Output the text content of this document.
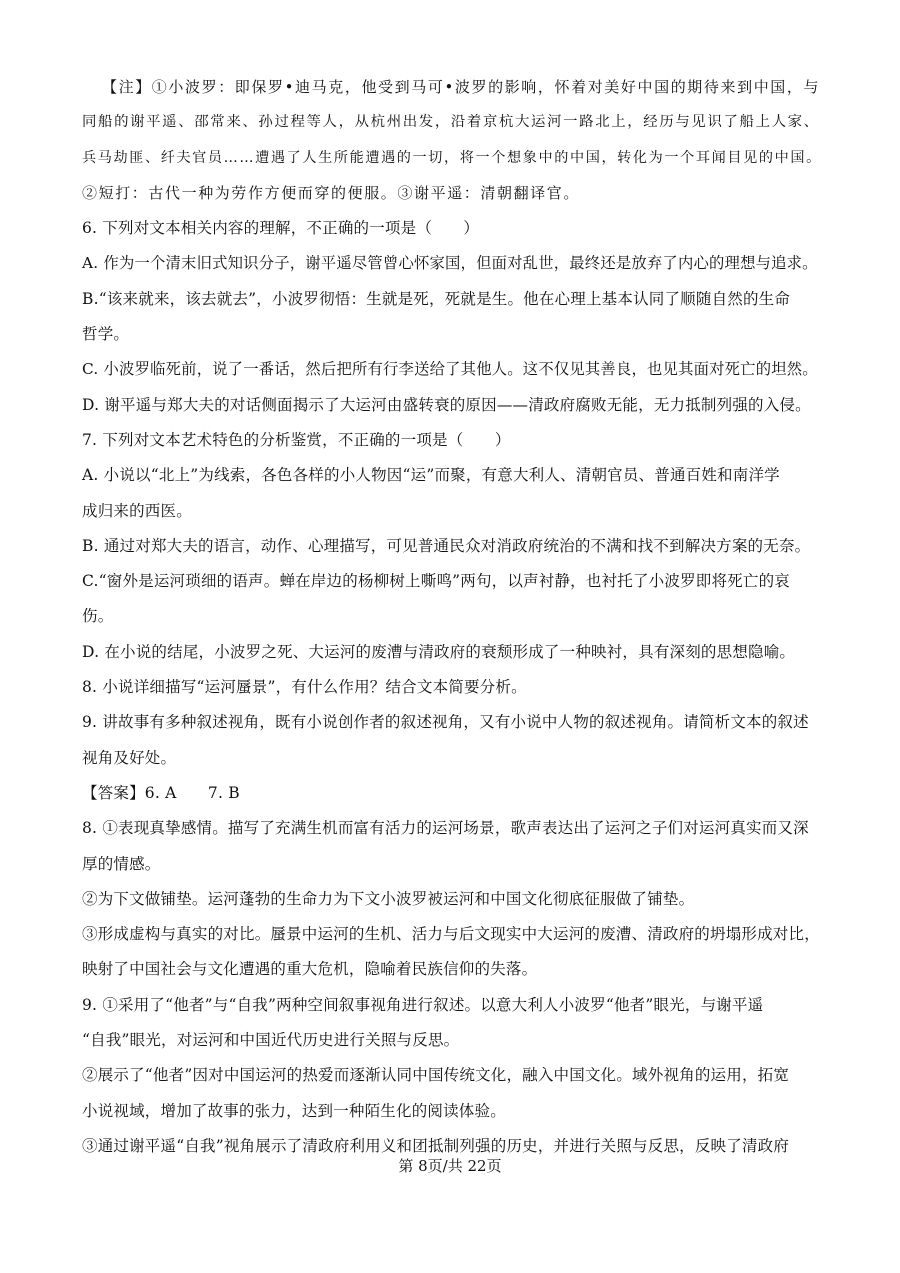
【注】①小波罗：即保罗•迪马克，他受到马可•波罗的影响，怀着对美好中国的期待来到中国，与
同船的谢平遥、邵常来、孙过程等人，从杭州出发，沿着京杭大运河一路北上，经历与见识了船上人家、
兵马劫匪、纤夫官员……遭遇了人生所能遭遇的一切，将一个想象中的中国，转化为一个耳闻目见的中国。
②短打：古代一种为劳作方便而穿的便服。③谢平遥：清朝翻译官。
6. 下列对文本相关内容的理解，不正确的一项是（　　）
A. 作为一个清末旧式知识分子，谢平遥尽管曾心怀家国，但面对乱世，最终还是放弃了内心的理想与追求。
B.“该来就来，该去就去”，小波罗彻悟：生就是死，死就是生。他在心理上基本认同了顺随自然的生命
哲学。
C. 小波罗临死前，说了一番话，然后把所有行李送给了其他人。这不仅见其善良，也见其面对死亡的坦然。
D. 谢平遥与郑大夫的对话侧面揭示了大运河由盛转衰的原因——清政府腐败无能，无力抵制列强的入侵。
7. 下列对文本艺术特色的分析鉴赏，不正确的一项是（　　）
A. 小说以“北上”为线索，各色各样的小人物因“运”而聚，有意大利人、清朝官员、普通百姓和南洋学
成归来的西医。
B. 通过对郑大夫的语言，动作、心理描写，可见普通民众对消政府统治的不满和找不到解决方案的无奈。
C.“窗外是运河琐细的语声。蝉在岸边的杨柳树上嘶鸣”两句，以声衬静，也衬托了小波罗即将死亡的哀
伤。
D. 在小说的结尾，小波罗之死、大运河的废漕与清政府的衰颓形成了一种映衬，具有深刻的思想隐喻。
8. 小说详细描写“运河蜃景”，有什么作用？结合文本简要分析。
9. 讲故事有多种叙述视角，既有小说创作者的叙述视角，又有小说中人物的叙述视角。请简析文本的叙述
视角及好处。
【答案】6. A　　7. B
8. ①表现真挚感情。描写了充满生机而富有活力的运河场景，歌声表达出了运河之子们对运河真实而又深
厚的情感。
②为下文做铺垫。运河蓬勃的生命力为下文小波罗被运河和中国文化彻底征服做了铺垫。
③形成虚构与真实的对比。蜃景中运河的生机、活力与后文现实中大运河的废漕、清政府的坍塌形成对比，
映射了中国社会与文化遭遇的重大危机，隐喻着民族信仰的失落。
9. ①采用了“他者”与“自我”两种空间叙事视角进行叙述。以意大利人小波罗“他者”眼光，与谢平遥
“自我”眼光，对运河和中国近代历史进行关照与反思。
②展示了“他者”因对中国运河的热爱而逐渐认同中国传统文化，融入中国文化。域外视角的运用，拓宽
小说视域，增加了故事的张力，达到一种陌生化的阅读体验。
③通过谢平遥“自我”视角展示了清政府利用义和团抵制列强的历史，并进行关照与反思，反映了清政府
第 8页/共 22页
